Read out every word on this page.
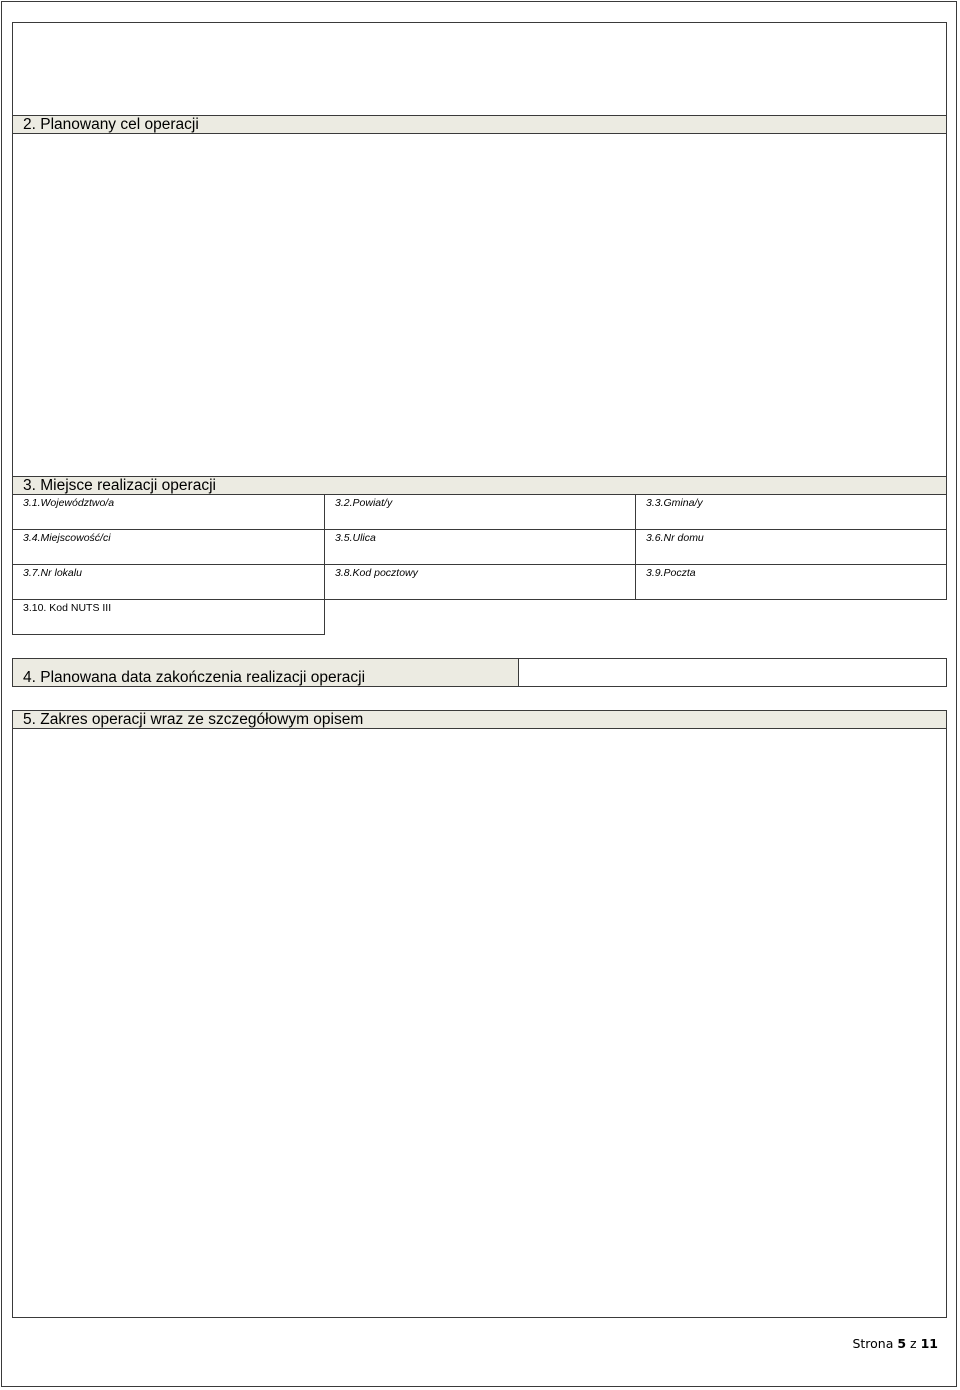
2. Planowany cel operacji
3. Miejsce realizacji operacji
3.1.Województwo/a	3.2.Powiat/y	3.3.Gmina/y
3.4.Miejscowość/ci	3.5.Ulica	3.6.Nr domu
3.7.Nr lokalu	3.8.Kod pocztowy	3.9.Poczta
3.10. Kod NUTS III
4. Planowana data zakończenia realizacji operacji
5. Zakres operacji wraz ze szczegółowym opisem
Strona 5 z 11
